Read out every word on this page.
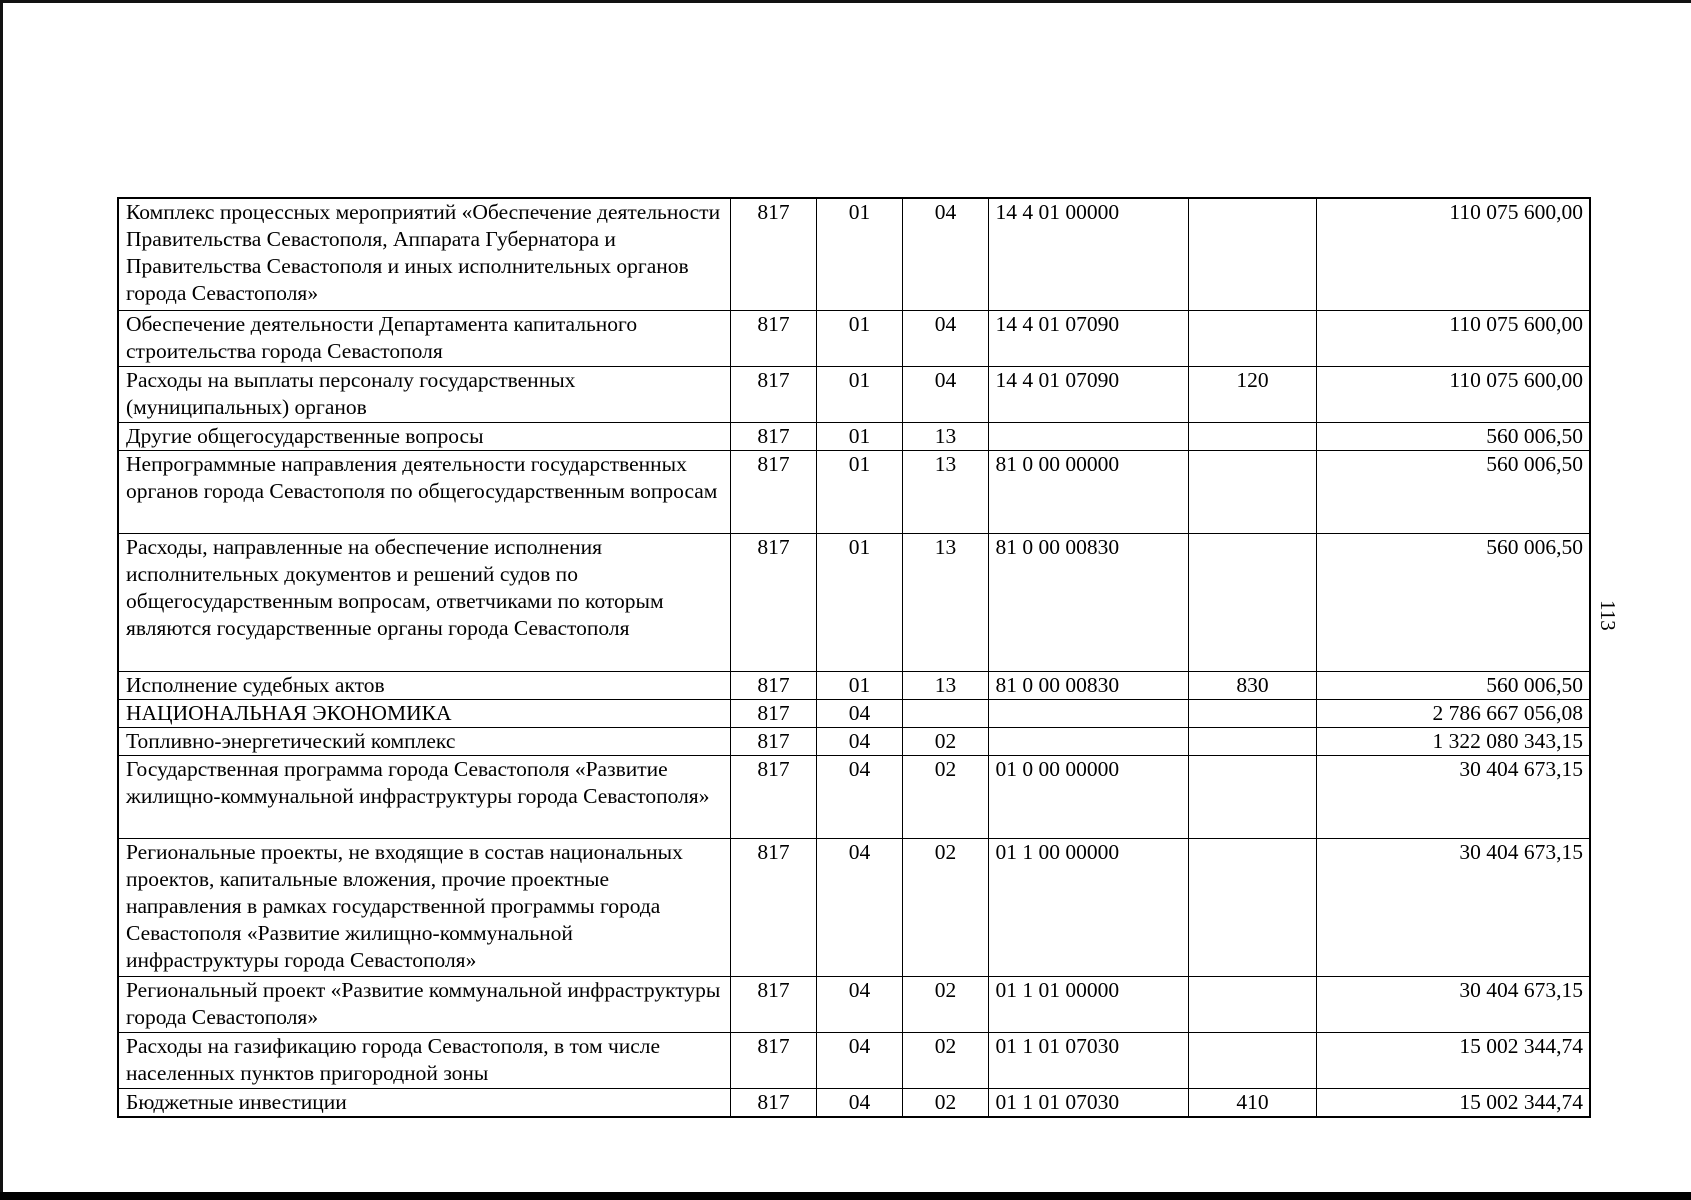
113
Комплекс процессных мероприятий «Обеспечение деятельности Правительства Севастополя, Аппарата Губернатора и Правительства Севастополя и иных исполнительных органов города Севастополя»	817	01	04	14 4 01 00000		110 075 600,00
Обеспечение деятельности Департамента капитального строительства города Севастополя	817	01	04	14 4 01 07090		110 075 600,00
Расходы на выплаты персоналу государственных (муниципальных) органов	817	01	04	14 4 01 07090	120	110 075 600,00
Другие общегосударственные вопросы	817	01	13			560 006,50
Непрограммные направления деятельности государственных органов города Севастополя по общегосударственным вопросам	817	01	13	81 0 00 00000		560 006,50
Расходы, направленные на обеспечение исполнения исполнительных документов и решений судов по общегосударственным вопросам, ответчиками по которым являются государственные органы города Севастополя	817	01	13	81 0 00 00830		560 006,50
Исполнение судебных актов	817	01	13	81 0 00 00830	830	560 006,50
НАЦИОНАЛЬНАЯ ЭКОНОМИКА	817	04				2 786 667 056,08
Топливно-энергетический комплекс	817	04	02			1 322 080 343,15
Государственная программа города Севастополя «Развитие жилищно-коммунальной инфраструктуры города Севастополя»	817	04	02	01 0 00 00000		30 404 673,15
Региональные проекты, не входящие в состав национальных проектов, капитальные вложения, прочие проектные направления в рамках государственной программы города Севастополя «Развитие жилищно-коммунальной инфраструктуры города Севастополя»	817	04	02	01 1 00 00000		30 404 673,15
Региональный проект «Развитие коммунальной инфраструктуры города Севастополя»	817	04	02	01 1 01 00000		30 404 673,15
Расходы на газификацию города Севастополя, в том числе населенных пунктов пригородной зоны	817	04	02	01 1 01 07030		15 002 344,74
Бюджетные инвестиции	817	04	02	01 1 01 07030	410	15 002 344,74
